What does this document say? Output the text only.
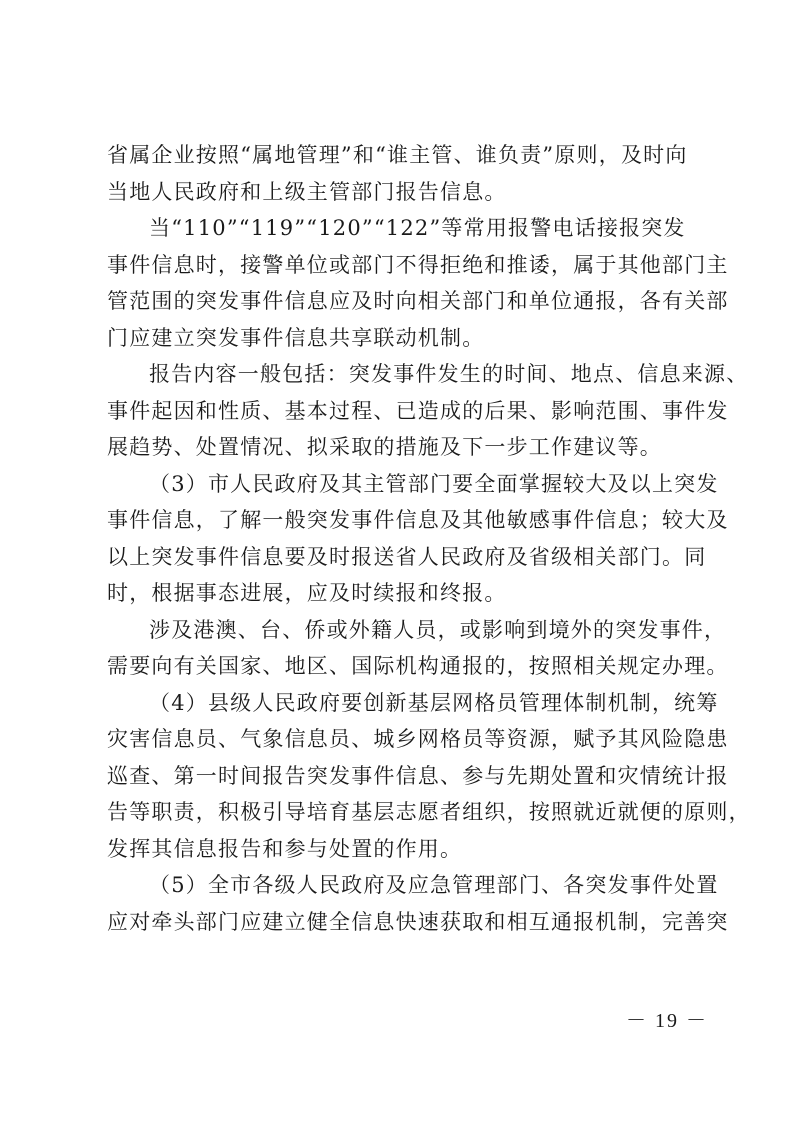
省属企业按照“属地管理”和“谁主管、谁负责”原则，及时向
当地人民政府和上级主管部门报告信息。
当“110”“119”“120”“122”等常用报警电话接报突发
事件信息时，接警单位或部门不得拒绝和推诿，属于其他部门主
管范围的突发事件信息应及时向相关部门和单位通报，各有关部
门应建立突发事件信息共享联动机制。
报告内容一般包括：突发事件发生的时间、地点、信息来源、
事件起因和性质、基本过程、已造成的后果、影响范围、事件发
展趋势、处置情况、拟采取的措施及下一步工作建议等。
（3）市人民政府及其主管部门要全面掌握较大及以上突发
事件信息，了解一般突发事件信息及其他敏感事件信息；较大及
以上突发事件信息要及时报送省人民政府及省级相关部门。同
时，根据事态进展，应及时续报和终报。
涉及港澳、台、侨或外籍人员，或影响到境外的突发事件，
需要向有关国家、地区、国际机构通报的，按照相关规定办理。
（4）县级人民政府要创新基层网格员管理体制机制，统筹
灾害信息员、气象信息员、城乡网格员等资源，赋予其风险隐患
巡查、第一时间报告突发事件信息、参与先期处置和灾情统计报
告等职责，积极引导培育基层志愿者组织，按照就近就便的原则，
发挥其信息报告和参与处置的作用。
（5）全市各级人民政府及应急管理部门、各突发事件处置
应对牵头部门应建立健全信息快速获取和相互通报机制，完善突
－ 19 －
